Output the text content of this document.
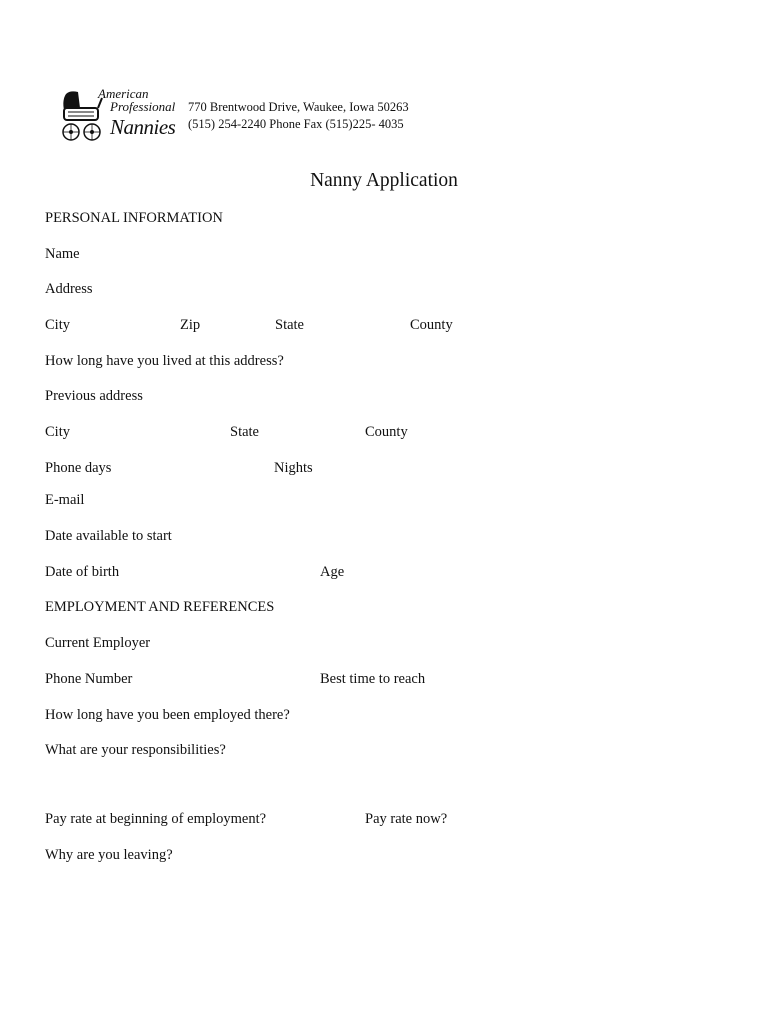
American
Professional
Nannies
770 Brentwood Drive, Waukee, Iowa 50263
(515) 254-2240 Phone Fax (515)225- 4035
Nanny Application
PERSONAL INFORMATION
Name
Address
City	Zip	State	County
How long have you lived at this address?
Previous address
City	State	County
Phone days	Nights
E-mail
Date available to start
Date of birth	Age
EMPLOYMENT AND REFERENCES
Current Employer
Phone Number	Best time to reach
How long have you been employed there?
What are your responsibilities?
Pay rate at beginning of employment?	Pay rate now?
Why are you leaving?
